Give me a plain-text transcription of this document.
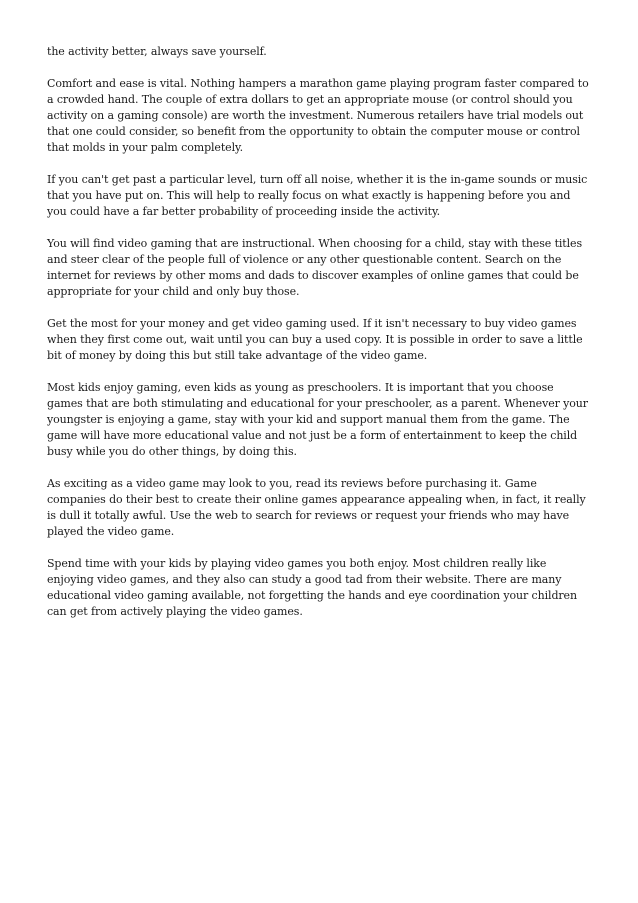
the activity better, always save yourself.

Comfort and ease is vital. Nothing hampers a marathon game playing program faster compared to a crowded hand. The couple of extra dollars to get an appropriate mouse (or control should you activity on a gaming console) are worth the investment. Numerous retailers have trial models out that one could consider, so benefit from the opportunity to obtain the computer mouse or control that molds in your palm completely.

If you can't get past a particular level, turn off all noise, whether it is the in-game sounds or music that you have put on. This will help to really focus on what exactly is happening before you and you could have a far better probability of proceeding inside the activity.

You will find video gaming that are instructional. When choosing for a child, stay with these titles and steer clear of the people full of violence or any other questionable content. Search on the internet for reviews by other moms and dads to discover examples of online games that could be appropriate for your child and only buy those.

Get the most for your money and get video gaming used. If it isn't necessary to buy video games when they first come out, wait until you can buy a used copy. It is possible in order to save a little bit of money by doing this but still take advantage of the video game.

Most kids enjoy gaming, even kids as young as preschoolers. It is important that you choose games that are both stimulating and educational for your preschooler, as a parent. Whenever your youngster is enjoying a game, stay with your kid and support manual them from the game. The game will have more educational value and not just be a form of entertainment to keep the child busy while you do other things, by doing this.

As exciting as a video game may look to you, read its reviews before purchasing it. Game companies do their best to create their online games appearance appealing when, in fact, it really is dull it totally awful. Use the web to search for reviews or request your friends who may have played the video game.

Spend time with your kids by playing video games you both enjoy. Most children really like enjoying video games, and they also can study a good tad from their website. There are many educational video gaming available, not forgetting the hands and eye coordination your children can get from actively playing the video games.
